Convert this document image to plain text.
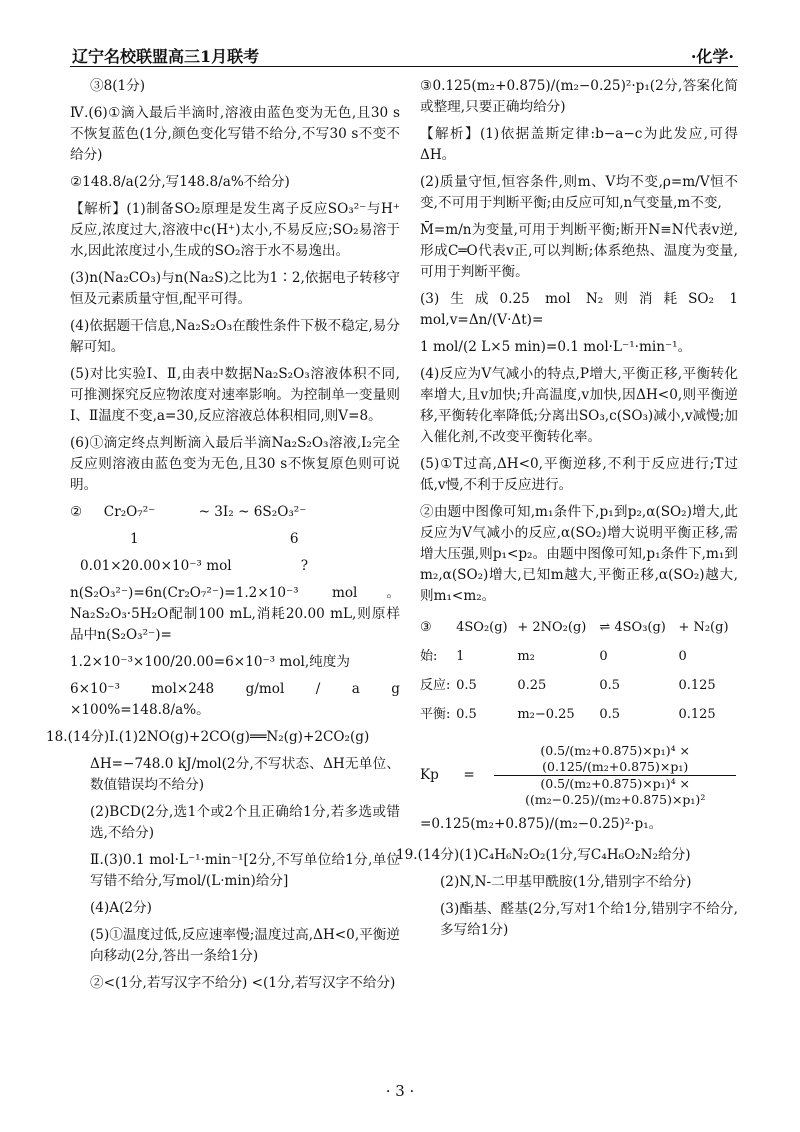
辽宁名校联盟高三1月联考	·化学·

③8(1分)

Ⅳ.(6)①滴入最后半滴时,溶液由蓝色变为无色,且30 s不恢复蓝色(1分,颜色变化写错不给分,不写30 s不变不给分)

②148.8/a(2分,写148.8/a%不给分)

【解析】(1)制备SO₂原理是发生离子反应SO₃²⁻与H⁺反应,浓度过大,溶液中c(H⁺)太小,不易反应;SO₂易溶于水,因此浓度过小,生成的SO₂溶于水不易逸出。

(3)n(Na₂CO₃)与n(Na₂S)之比为1∶2,依据电子转移守恒及元素质量守恒,配平可得。

(4)依据题干信息,Na₂S₂O₃在酸性条件下极不稳定,易分解可知。

(5)对比实验Ⅰ、Ⅱ,由表中数据Na₂S₂O₃溶液体积不同,可推测探究反应物浓度对速率影响。为控制单一变量则Ⅰ、Ⅱ温度不变,a=30,反应溶液总体积相同,则V=8。

(6)①滴定终点判断滴入最后半滴Na₂S₂O₃溶液,I₂完全反应则溶液由蓝色变为无色,且30 s不恢复原色则可说明。

②     Cr₂O₇²⁻          ~ 3I₂ ~ 6S₂O₃²⁻

1                                   6

0.01×20.00×10⁻³ mol                ?

n(S₂O₃²⁻)=6n(Cr₂O₇²⁻)=1.2×10⁻³ mol。Na₂S₂O₃·5H₂O配制100 mL,消耗20.00 mL,则原样品中n(S₂O₃²⁻)=

1.2×10⁻³×100/20.00=6×10⁻³ mol,纯度为

6×10⁻³ mol×248 g/mol / a g ×100%=148.8/a%。

18.(14分)Ⅰ.(1)2NO(g)+2CO(g)══N₂(g)+2CO₂(g)

ΔH=−748.0 kJ/mol(2分,不写状态、ΔH无单位、数值错误均不给分)

(2)BCD(2分,选1个或2个且正确给1分,若多选或错选,不给分)

Ⅱ.(3)0.1 mol·L⁻¹·min⁻¹[2分,不写单位给1分,单位写错不给分,写mol/(L·min)给分]

(4)A(2分)

(5)①温度过低,反应速率慢;温度过高,ΔH<0,平衡逆向移动(2分,答出一条给1分)

②<(1分,若写汉字不给分) <(1分,若写汉字不给分)

③0.125(m₂+0.875)/(m₂−0.25)²·p₁(2分,答案化简或整理,只要正确均给分)

【解析】(1)依据盖斯定律:b−a−c为此发应,可得ΔH。

(2)质量守恒,恒容条件,则m、V均不变,ρ=m/V恒不变,不可用于判断平衡;由反应可知,n气变量,m不变,

M̄=m/n为变量,可用于判断平衡;断开N≡N代表v逆,形成C═O代表v正,可以判断;体系绝热、温度为变量,可用于判断平衡。

(3)生成0.25 mol N₂则消耗SO₂ 1 mol,v=Δn/(V·Δt)=

1 mol/(2 L×5 min)=0.1 mol·L⁻¹·min⁻¹。

(4)反应为V气减小的特点,P增大,平衡正移,平衡转化率增大,且v加快;升高温度,v加快,因ΔH<0,则平衡逆移,平衡转化率降低;分离出SO₃,c(SO₃)减小,v减慢;加入催化剂,不改变平衡转化率。

(5)①T过高,ΔH<0,平衡逆移,不利于反应进行;T过低,v慢,不利于反应进行。

②由题中图像可知,m₁条件下,p₁到p₂,α(SO₂)增大,此反应为V气减小的反应,α(SO₂)增大说明平衡正移,需增大压强,则p₁<p₂。由题中图像可知,p₁条件下,m₁到m₂,α(SO₂)增大,已知m越大,平衡正移,α(SO₂)越大,则m₁<m₂。

③	4SO₂(g)	+ 2NO₂(g)	⇌ 4SO₃(g)	+ N₂(g)
始:	1	m₂	0	0
反应:	0.5	0.25	0.5	0.125
平衡:	0.5	m₂−0.25	0.5	0.125
Kp	=	$\frac{\text{(0.5/(m₂+0.875)×p₁)⁴ × (0.125/(m₂+0.875)×p₁)}}{\text{(0.5/(m₂+0.875)×p₁)⁴ × ((m₂−0.25)/(m₂+0.875)×p₁)²}}$

=0.125(m₂+0.875)/(m₂−0.25)²·p₁。

19.(14分)(1)C₄H₆N₂O₂(1分,写C₄H₆O₂N₂给分)

(2)N,N-二甲基甲酰胺(1分,错别字不给分)

(3)酯基、醛基(2分,写对1个给1分,错别字不给分,多写给1分)

· 3 ·
